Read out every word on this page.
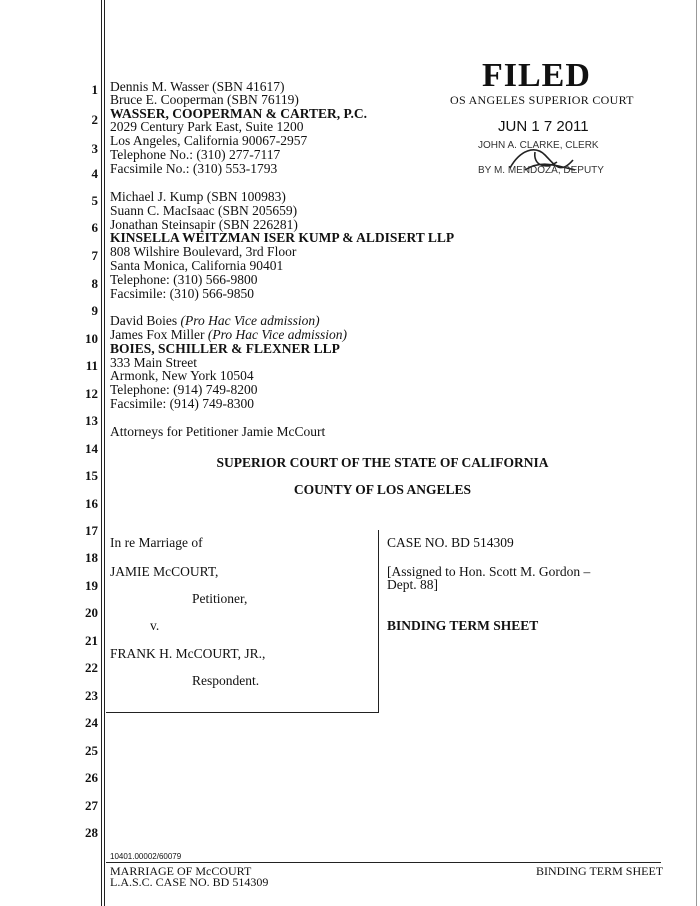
1
2
3
4
5
6
7
8
9
10
11
12
13
14
15
16
17
18
19
20
21
22
23
24
25
26
27
28
FILED
OS ANGELES SUPERIOR COURT
JUN 1 7 2011
JOHN A. CLARKE, CLERK
BY M. MENDOZA, DEPUTY
Dennis M. Wasser (SBN 41617)
Bruce E. Cooperman (SBN 76119)
WASSER, COOPERMAN & CARTER, P.C.
2029 Century Park East, Suite 1200
Los Angeles, California 90067-2957
Telephone No.: (310) 277-7117
Facsimile No.: (310) 553-1793
Michael J. Kump (SBN 100983)
Suann C. MacIsaac (SBN 205659)
Jonathan Steinsapir (SBN 226281)
KINSELLA WEITZMAN ISER KUMP & ALDISERT LLP
808 Wilshire Boulevard, 3rd Floor
Santa Monica, California 90401
Telephone: (310) 566-9800
Facsimile: (310) 566-9850
David Boies (Pro Hac Vice admission)
James Fox Miller (Pro Hac Vice admission)
BOIES, SCHILLER & FLEXNER LLP
333 Main Street
Armonk, New York 10504
Telephone: (914) 749-8200
Facsimile: (914) 749-8300
Attorneys for Petitioner Jamie McCourt
SUPERIOR COURT OF THE STATE OF CALIFORNIA
COUNTY OF LOS ANGELES
In re Marriage of
JAMIE McCOURT,
Petitioner,
v.
FRANK H. McCOURT, JR.,
Respondent.
CASE NO. BD 514309
[Assigned to Hon. Scott M. Gordon –
Dept. 88]
BINDING TERM SHEET
10401.00002/60079
MARRIAGE OF McCOURT
L.A.S.C. CASE NO. BD 514309
BINDING TERM SHEET
